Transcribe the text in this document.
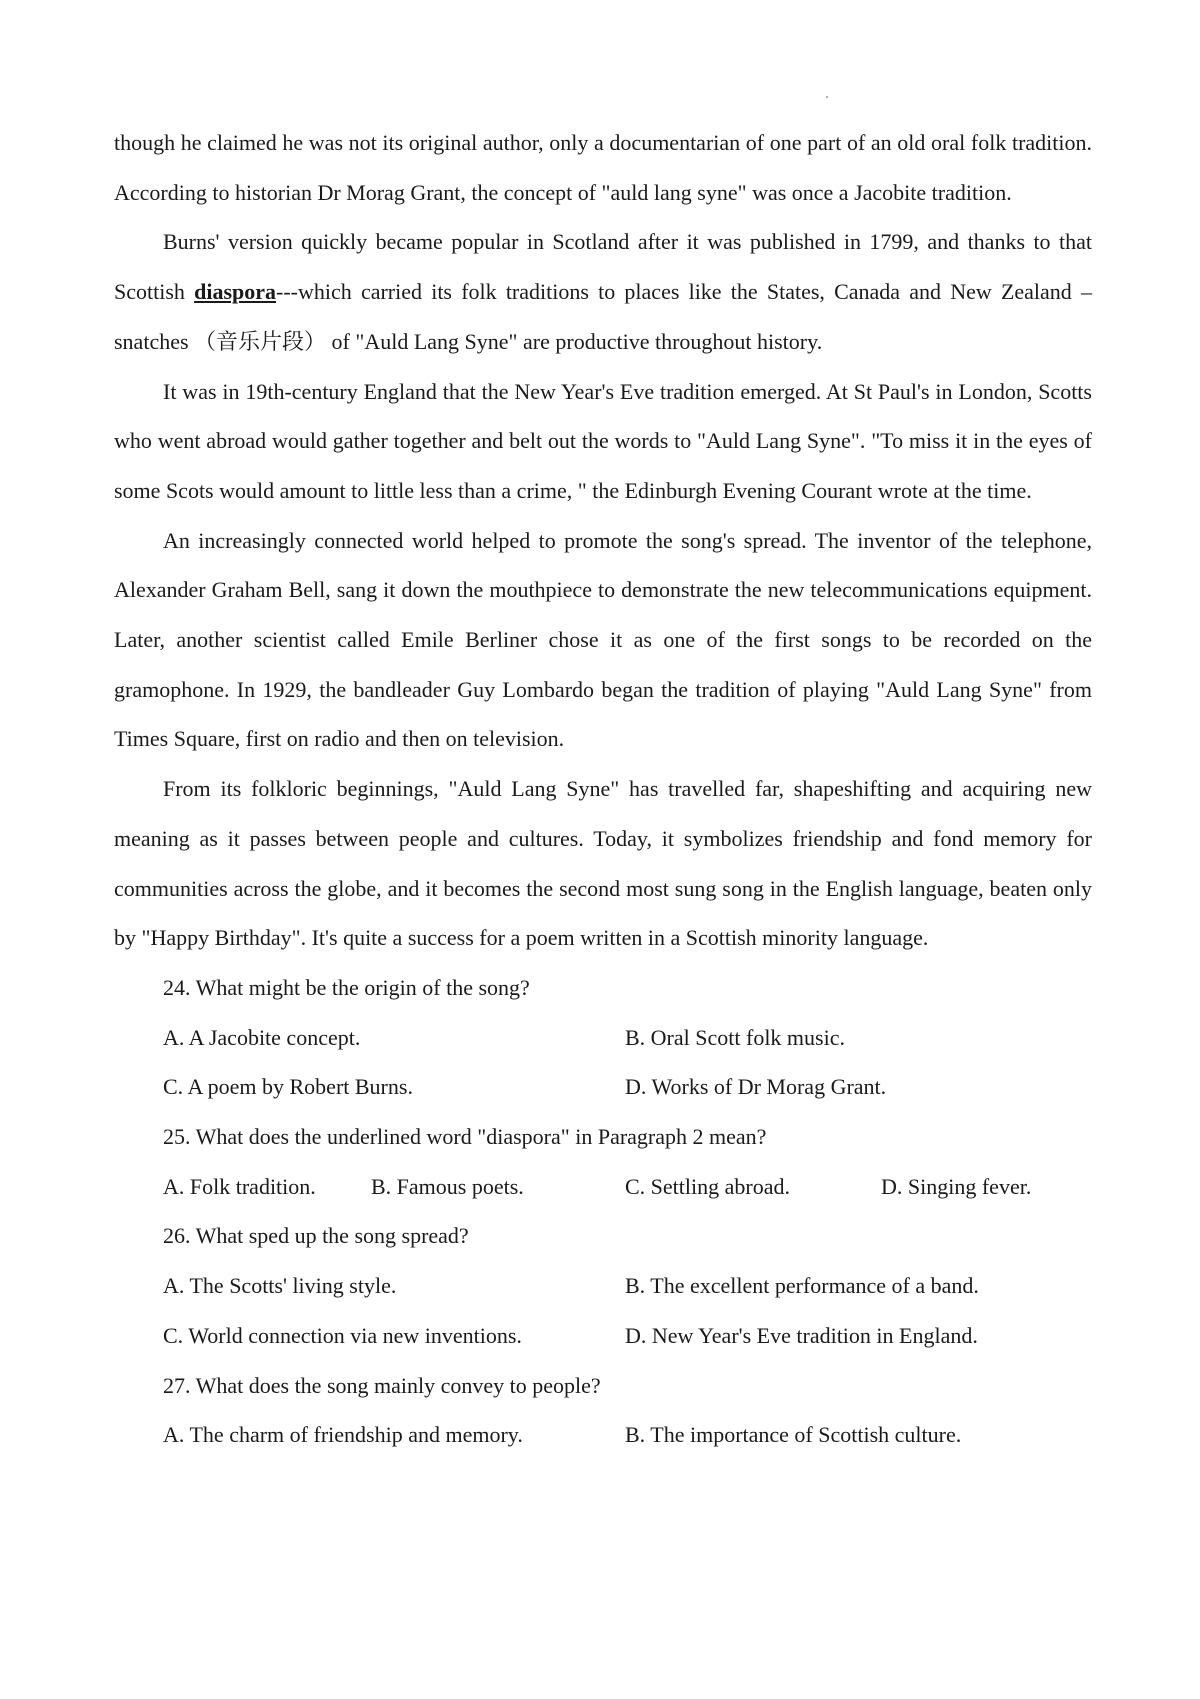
though he claimed he was not its original author, only a documentarian of one part of an old oral folk tradition. According to historian Dr Morag Grant, the concept of "auld lang syne" was once a Jacobite tradition.

Burns' version quickly became popular in Scotland after it was published in 1799, and thanks to that Scottish diaspora---which carried its folk traditions to places like the States, Canada and New Zealand – snatches （音乐片段） of "Auld Lang Syne" are productive throughout history.

It was in 19th-century England that the New Year's Eve tradition emerged. At St Paul's in London, Scotts who went abroad would gather together and belt out the words to "Auld Lang Syne". "To miss it in the eyes of some Scots would amount to little less than a crime, " the Edinburgh Evening Courant wrote at the time.

An increasingly connected world helped to promote the song's spread. The inventor of the telephone, Alexander Graham Bell, sang it down the mouthpiece to demonstrate the new telecommunications equipment. Later, another scientist called Emile Berliner chose it as one of the first songs to be recorded on the gramophone. In 1929, the bandleader Guy Lombardo began the tradition of playing "Auld Lang Syne" from Times Square, first on radio and then on television.

From its folkloric beginnings, "Auld Lang Syne" has travelled far, shapeshifting and acquiring new meaning as it passes between people and cultures. Today, it symbolizes friendship and fond memory for communities across the globe, and it becomes the second most sung song in the English language, beaten only by "Happy Birthday". It's quite a success for a poem written in a Scottish minority language.

24. What might be the origin of the song?
A. A Jacobite concept.	B. Oral Scott folk music.
C. A poem by Robert Burns.	D. Works of Dr Morag Grant.
25. What does the underlined word "diaspora" in Paragraph 2 mean?
A. Folk tradition.	B. Famous poets.	C. Settling abroad.	D. Singing fever.
26. What sped up the song spread?
A. The Scotts' living style.	B. The excellent performance of a band.
C. World connection via new inventions.	D. New Year's Eve tradition in England.
27. What does the song mainly convey to people?
A. The charm of friendship and memory.	B. The importance of Scottish culture.
